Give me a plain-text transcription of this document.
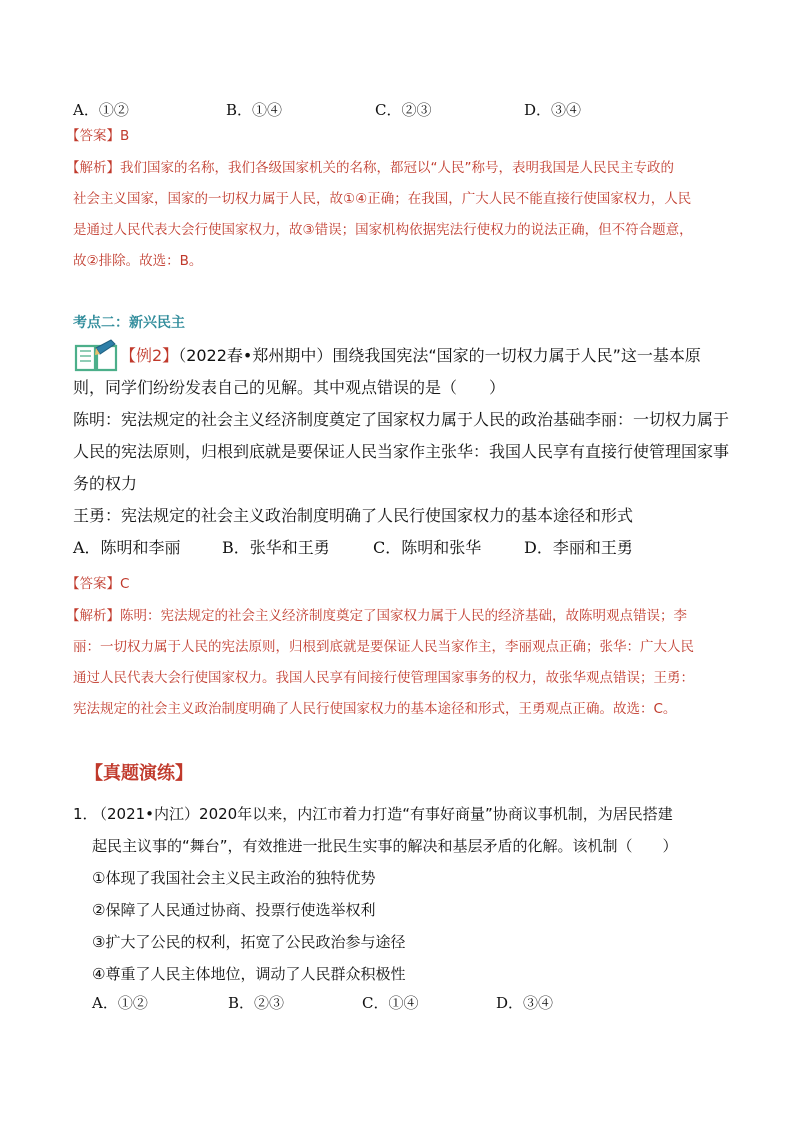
A．①②	B．①④	C．②③	D．③④
【答案】B
【解析】我们国家的名称，我们各级国家机关的名称，都冠以“人民”称号，表明我国是人民民主专政的
社会主义国家，国家的一切权力属于人民，故①④正确；在我国，广大人民不能直接行使国家权力，人民
是通过人民代表大会行使国家权力，故③错误；国家机构依据宪法行使权力的说法正确，但不符合题意，
故②排除。故选：B。
考点二：新兴民主
【例2】（2022春•郑州期中）围绕我国宪法“国家的一切权力属于人民”这一基本原
则，同学们纷纷发表自己的见解。其中观点错误的是（　　）
陈明：宪法规定的社会主义经济制度奠定了国家权力属于人民的政治基础李丽：一切权力属于
人民的宪法原则，归根到底就是要保证人民当家作主张华：我国人民享有直接行使管理国家事
务的权力
王勇：宪法规定的社会主义政治制度明确了人民行使国家权力的基本途径和形式
A．陈明和李丽	B．张华和王勇	C．陈明和张华	D．李丽和王勇
【答案】C
【解析】陈明：宪法规定的社会主义经济制度奠定了国家权力属于人民的经济基础，故陈明观点错误；李
丽：一切权力属于人民的宪法原则，归根到底就是要保证人民当家作主，李丽观点正确；张华：广大人民
通过人民代表大会行使国家权力。我国人民享有间接行使管理国家事务的权力，故张华观点错误；王勇：
宪法规定的社会主义政治制度明确了人民行使国家权力的基本途径和形式，王勇观点正确。故选：C。
【真题演练】
1．
（2021•内江）2020年以来，内江市着力打造“有事好商量”协商议事机制，为居民搭建
起民主议事的“舞台”，有效推进一批民生实事的解决和基层矛盾的化解。该机制（　　）
①体现了我国社会主义民主政治的独特优势
②保障了人民通过协商、投票行使选举权利
③扩大了公民的权利，拓宽了公民政治参与途径
④尊重了人民主体地位，调动了人民群众积极性
A．①②	B．②③	C．①④	D．③④
